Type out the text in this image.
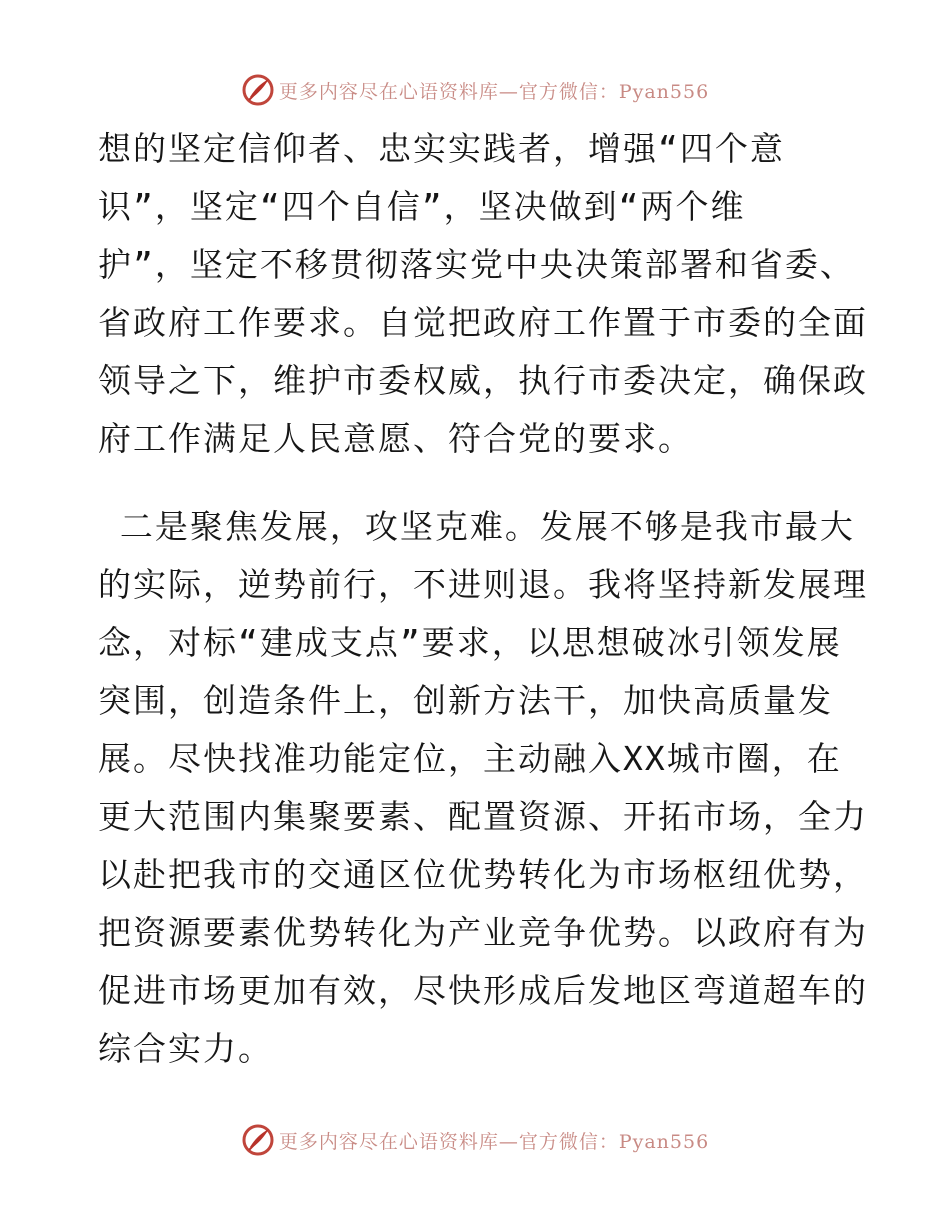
更多内容尽在心语资料库—官方微信：Pyan556
想的坚定信仰者、忠实实践者，增强“四个意
识”，坚定“四个自信”，坚决做到“两个维
护”，坚定不移贯彻落实党中央决策部署和省委、
省政府工作要求。自觉把政府工作置于市委的全面
领导之下，维护市委权威，执行市委决定，确保政
府工作满足人民意愿、符合党的要求。
二是聚焦发展，攻坚克难。发展不够是我市最大
的实际，逆势前行，不进则退。我将坚持新发展理
念，对标“建成支点”要求，以思想破冰引领发展
突围，创造条件上，创新方法干，加快高质量发
展。尽快找准功能定位，主动融入XX城市圈，在
更大范围内集聚要素、配置资源、开拓市场，全力
以赴把我市的交通区位优势转化为市场枢纽优势，
把资源要素优势转化为产业竞争优势。以政府有为
促进市场更加有效，尽快形成后发地区弯道超车的
综合实力。
更多内容尽在心语资料库—官方微信：Pyan556
